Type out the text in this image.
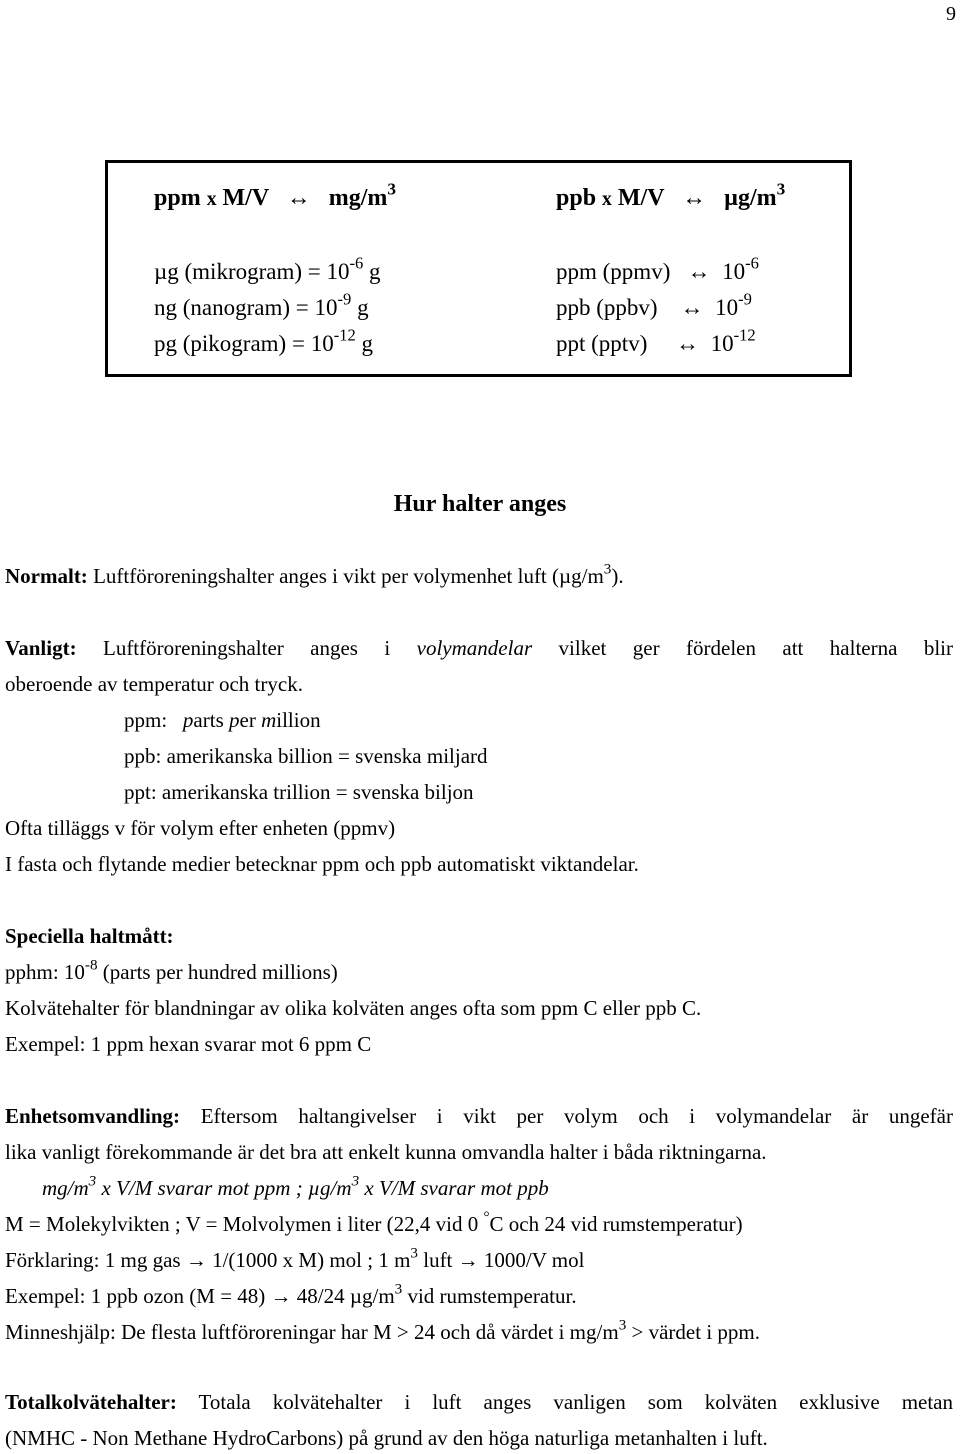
9
ppm x M/V ↔ $mg/m^3$	ppb x M/V ↔ $\mu g/m^3$
µg (mikrogram) = $10^{-6}$ g
ng (nanogram) = $10^{-9}$ g
pg (pikogram) = $10^{-12}$ g
ppm (ppmv) ↔ $10^{-6}$
ppb (ppbv) ↔ $10^{-9}$
ppt (pptv) ↔ $10^{-12}$
Hur halter anges
Normalt: Luftföroreningshalter anges i vikt per volymenhet luft $(\mu g/m^3)$.
Vanligt: Luftföroreningshalter anges i volymandelar vilket ger fördelen att halterna blir
oberoende av temperatur och tryck.
ppm: parts per million
ppb: amerikanska billion = svenska miljard
ppt: amerikanska trillion = svenska biljon
Ofta tilläggs v för volym efter enheten (ppmv)
I fasta och flytande medier betecknar ppm och ppb automatiskt viktandelar.
Speciella haltmått:
pphm: $10^{-8}$ (parts per hundred millions)
Kolvätehalter för blandningar av olika kolväten anges ofta som ppm C eller ppb C.
Exempel: 1 ppm hexan svarar mot 6 ppm C
Enhetsomvandling: Eftersom haltangivelser i vikt per volym och i volymandelar är ungefär
lika vanligt förekommande är det bra att enkelt kunna omvandla halter i båda riktningarna.
$mg/m^3$ x V/M svarar mot ppm ; $\mu g/m^3$ x V/M svarar mot ppb
M = Molekylvikten ; V = Molvolymen i liter (22,4 vid 0 °C och 24 vid rumstemperatur)
Förklaring: 1 mg gas → 1/(1000 x M) mol ; 1 $m^3$ luft → 1000/V mol
Exempel: 1 ppb ozon (M = 48) → 48/24 $\mu g/m^3$ vid rumstemperatur.
Minneshjälp: De flesta luftföroreningar har M > 24 och då värdet i $mg/m^3$ > värdet i ppm.
Totalkolvätehalter: Totala kolvätehalter i luft anges vanligen som kolväten exklusive metan
(NMHC - Non Methane HydroCarbons) på grund av den höga naturliga metanhalten i luft.
